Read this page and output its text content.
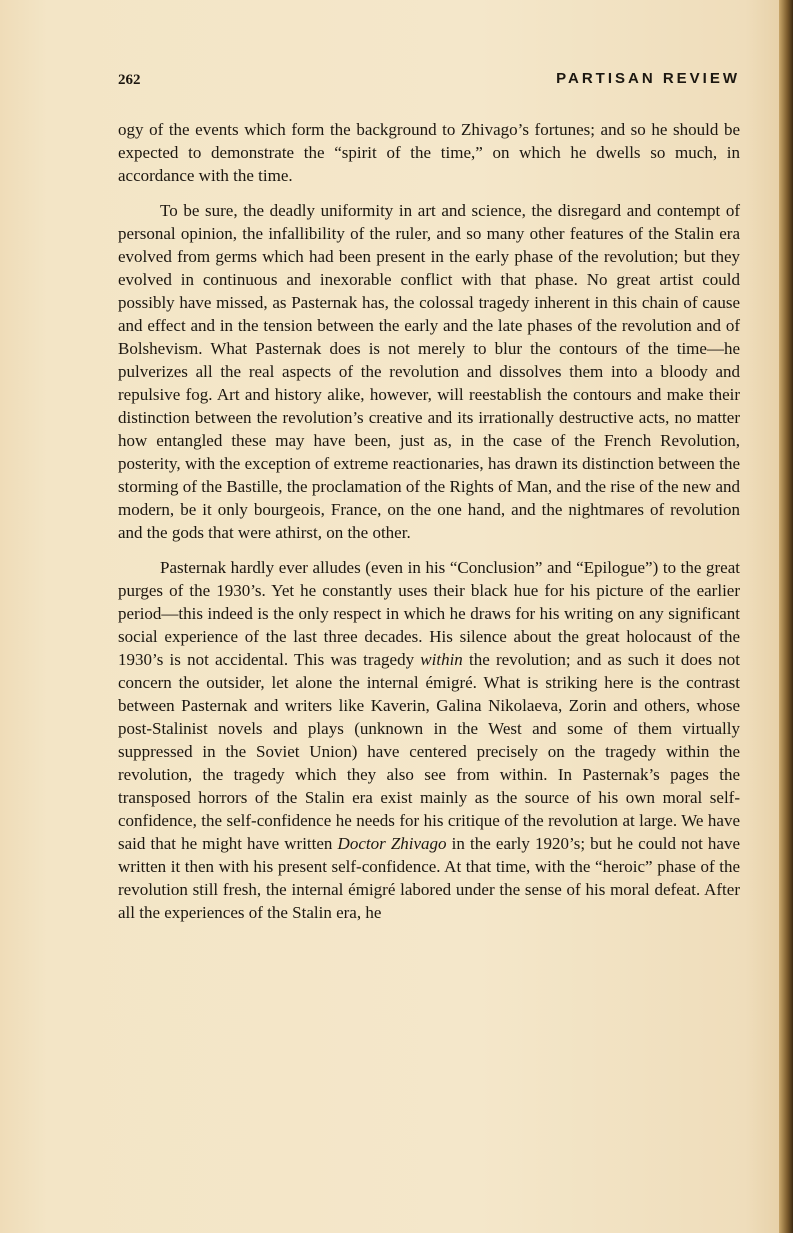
262	PARTISAN REVIEW

ogy of the events which form the background to Zhivago’s fortunes; and so he should be expected to demonstrate the “spirit of the time,” on which he dwells so much, in accordance with the time.

To be sure, the deadly uniformity in art and science, the disregard and contempt of personal opinion, the infallibility of the ruler, and so many other features of the Stalin era evolved from germs which had been present in the early phase of the revolution; but they evolved in continuous and inexorable conflict with that phase. No great artist could possibly have missed, as Pasternak has, the colossal tragedy inherent in this chain of cause and effect and in the tension between the early and the late phases of the revolution and of Bolshevism. What Pasternak does is not merely to blur the contours of the time—he pulverizes all the real aspects of the revolution and dissolves them into a bloody and repulsive fog. Art and history alike, however, will reestablish the contours and make their distinction between the revolution’s creative and its irrationally destructive acts, no matter how entangled these may have been, just as, in the case of the French Revolution, posterity, with the exception of extreme reactionaries, has drawn its distinction between the storming of the Bastille, the proclamation of the Rights of Man, and the rise of the new and modern, be it only bourgeois, France, on the one hand, and the nightmares of revolution and the gods that were athirst, on the other.

Pasternak hardly ever alludes (even in his “Conclusion” and “Epilogue”) to the great purges of the 1930’s. Yet he constantly uses their black hue for his picture of the earlier period—this indeed is the only respect in which he draws for his writing on any significant social experience of the last three decades. His silence about the great holocaust of the 1930’s is not accidental. This was tragedy within the revolution; and as such it does not concern the outsider, let alone the internal émigré. What is striking here is the contrast between Pasternak and writers like Kaverin, Galina Nikolaeva, Zorin and others, whose post-Stalinist novels and plays (unknown in the West and some of them virtually suppressed in the Soviet Union) have centered precisely on the tragedy within the revolution, the tragedy which they also see from within. In Pasternak’s pages the transposed horrors of the Stalin era exist mainly as the source of his own moral self-confidence, the self-confidence he needs for his critique of the revolution at large. We have said that he might have written Doctor Zhivago in the early 1920’s; but he could not have written it then with his present self-confidence. At that time, with the “heroic” phase of the revolution still fresh, the internal émigré labored under the sense of his moral defeat. After all the experiences of the Stalin era, he
